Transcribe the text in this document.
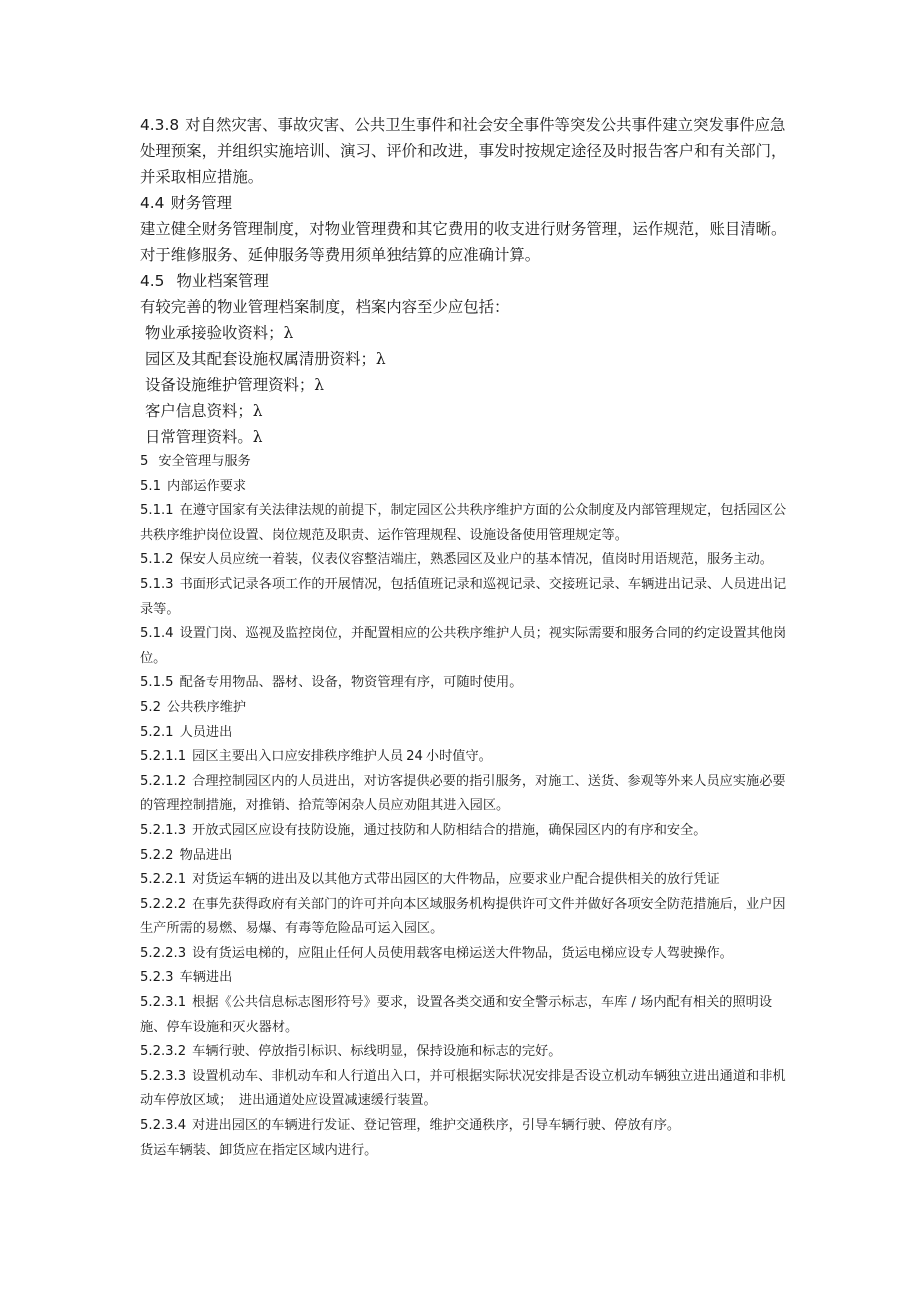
4.3.8 对自然灾害、事故灾害、公共卫生事件和社会安全事件等突发公共事件建立突发事件应急处理预案，并组织实施培训、演习、评价和改进，事发时按规定途径及时报告客户和有关部门，并采取相应措施。

4.4 财务管理

建立健全财务管理制度，对物业管理费和其它费用的收支进行财务管理，运作规范，账目清晰。对于维修服务、延伸服务等费用须单独结算的应准确计算。

4.5 物业档案管理

有较完善的物业管理档案制度，档案内容至少应包括：

物业承接验收资料；λ

园区及其配套设施权属清册资料；λ

设备设施维护管理资料；λ

客户信息资料；λ

日常管理资料。λ

5 安全管理与服务

5.1 内部运作要求

5.1.1 在遵守国家有关法律法规的前提下，制定园区公共秩序维护方面的公众制度及内部管理规定，包括园区公共秩序维护岗位设置、岗位规范及职责、运作管理规程、设施设备使用管理规定等。

5.1.2 保安人员应统一着装，仪表仪容整洁端庄，熟悉园区及业户的基本情况，值岗时用语规范，服务主动。

5.1.3 书面形式记录各项工作的开展情况，包括值班记录和巡视记录、交接班记录、车辆进出记录、人员进出记录等。

5.1.4 设置门岗、巡视及监控岗位，并配置相应的公共秩序维护人员；视实际需要和服务合同的约定设置其他岗位。

5.1.5 配备专用物品、器材、设备，物资管理有序，可随时使用。

5.2 公共秩序维护

5.2.1 人员进出

5.2.1.1 园区主要出入口应安排秩序维护人员 24 小时值守。

5.2.1.2 合理控制园区内的人员进出，对访客提供必要的指引服务，对施工、送货、参观等外来人员应实施必要的管理控制措施，对推销、拾荒等闲杂人员应劝阻其进入园区。

5.2.1.3 开放式园区应设有技防设施，通过技防和人防相结合的措施，确保园区内的有序和安全。

5.2.2 物品进出

5.2.2.1 对货运车辆的进出及以其他方式带出园区的大件物品，应要求业户配合提供相关的放行凭证

5.2.2.2 在事先获得政府有关部门的许可并向本区域服务机构提供许可文件并做好各项安全防范措施后，业户因生产所需的易燃、易爆、有毒等危险品可运入园区。

5.2.2.3 设有货运电梯的，应阻止任何人员使用载客电梯运送大件物品，货运电梯应设专人驾驶操作。

5.2.3 车辆进出

5.2.3.1 根据《公共信息标志图形符号》要求，设置各类交通和安全警示标志，车库 / 场内配有相关的照明设施、停车设施和灭火器材。

5.2.3.2 车辆行驶、停放指引标识、标线明显，保持设施和标志的完好。

5.2.3.3 设置机动车、非机动车和人行道出入口，并可根据实际状况安排是否设立机动车辆独立进出通道和非机动车停放区域；　进出通道处应设置减速缓行装置。

5.2.3.4 对进出园区的车辆进行发证、登记管理，维护交通秩序，引导车辆行驶、停放有序。

货运车辆装、卸货应在指定区域内进行。
